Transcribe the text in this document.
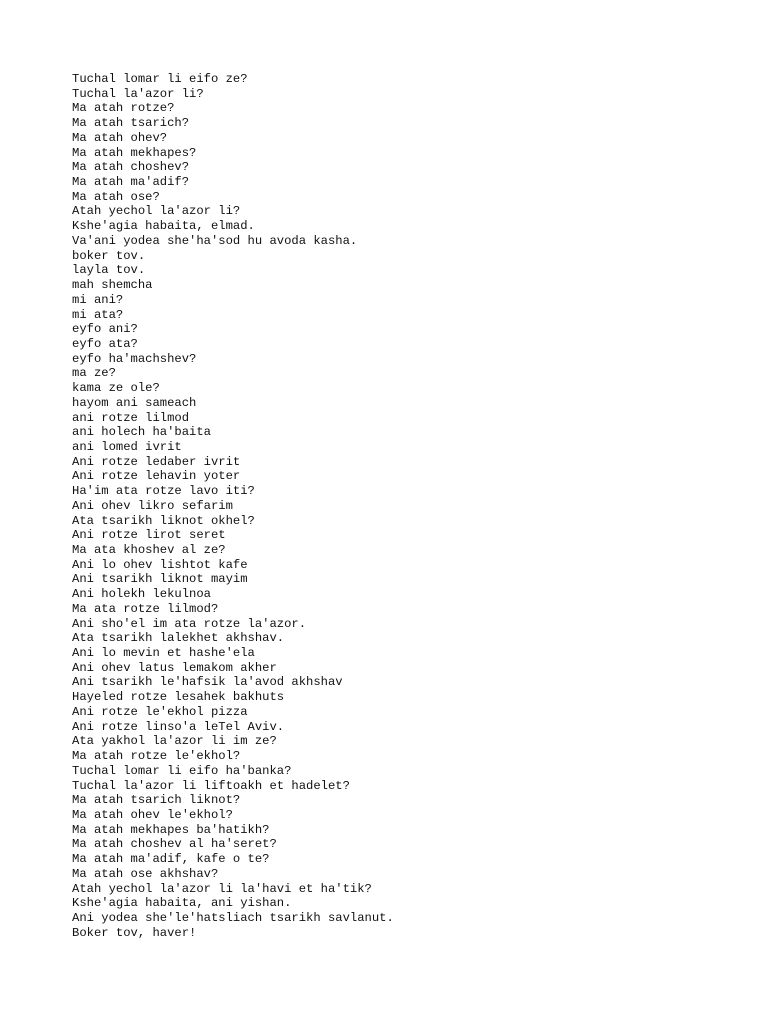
Tuchal lomar li eifo ze?
Tuchal la'azor li?
Ma atah rotze?
Ma atah tsarich?
Ma atah ohev?
Ma atah mekhapes?
Ma atah choshev?
Ma atah ma'adif?
Ma atah ose?
Atah yechol la'azor li?
Kshe'agia habaita, elmad.
Va'ani yodea she'ha'sod hu avoda kasha.
boker tov.
layla tov.
mah shemcha
mi ani?
mi ata?
eyfo ani?
eyfo ata?
eyfo ha'machshev?
ma ze?
kama ze ole?
hayom ani sameach
ani rotze lilmod
ani holech ha'baita
ani lomed ivrit
Ani rotze ledaber ivrit
Ani rotze lehavin yoter
Ha'im ata rotze lavo iti?
Ani ohev likro sefarim
Ata tsarikh liknot okhel?
Ani rotze lirot seret
Ma ata khoshev al ze?
Ani lo ohev lishtot kafe
Ani tsarikh liknot mayim
Ani holekh lekulnoa
Ma ata rotze lilmod?
Ani sho'el im ata rotze la'azor.
Ata tsarikh lalekhet akhshav.
Ani lo mevin et hashe'ela
Ani ohev latus lemakom akher
Ani tsarikh le'hafsik la'avod akhshav
Hayeled rotze lesahek bakhuts
Ani rotze le'ekhol pizza
Ani rotze linso'a leTel Aviv.
Ata yakhol la'azor li im ze?
Ma atah rotze le'ekhol?
Tuchal lomar li eifo ha'banka?
Tuchal la'azor li liftoakh et hadelet?
Ma atah tsarich liknot?
Ma atah ohev le'ekhol?
Ma atah mekhapes ba'hatikh?
Ma atah choshev al ha'seret?
Ma atah ma'adif, kafe o te?
Ma atah ose akhshav?
Atah yechol la'azor li la'havi et ha'tik?
Kshe'agia habaita, ani yishan.
Ani yodea she'le'hatsliach tsarikh savlanut.
Boker tov, haver!
